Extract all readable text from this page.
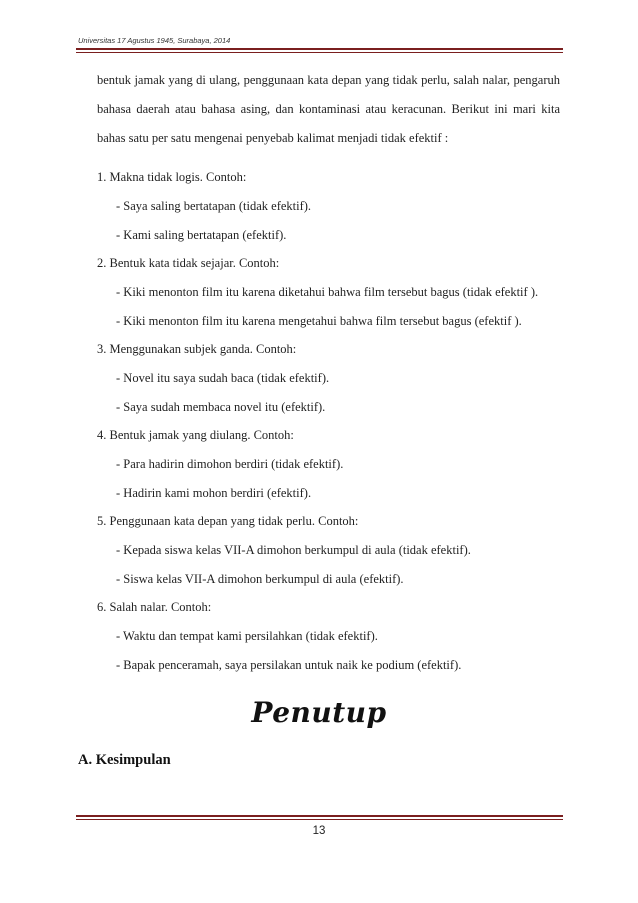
Universitas 17 Agustus 1945, Surabaya, 2014
bentuk jamak yang di ulang, penggunaan kata depan yang tidak perlu, salah nalar, pengaruh
bahasa daerah atau bahasa asing, dan kontaminasi atau keracunan. Berikut ini mari kita
bahas satu per satu mengenai penyebab kalimat menjadi tidak efektif :
1. Makna tidak logis. Contoh:
- Saya saling bertatapan (tidak efektif).
- Kami saling bertatapan (efektif).
2. Bentuk kata tidak sejajar. Contoh:
- Kiki menonton film itu karena diketahui bahwa film tersebut bagus (tidak efektif ).
- Kiki menonton film itu karena mengetahui bahwa film tersebut bagus (efektif ).
3. Menggunakan subjek ganda. Contoh:
- Novel itu saya sudah baca (tidak efektif).
- Saya sudah membaca novel itu (efektif).
4. Bentuk jamak yang diulang. Contoh:
- Para hadirin dimohon berdiri (tidak efektif).
- Hadirin kami mohon berdiri (efektif).
5. Penggunaan kata depan yang tidak perlu. Contoh:
- Kepada siswa kelas VII-A dimohon berkumpul di aula (tidak efektif).
- Siswa kelas VII-A dimohon berkumpul di aula (efektif).
6. Salah nalar. Contoh:
- Waktu dan tempat kami persilahkan (tidak efektif).
- Bapak penceramah, saya persilakan untuk naik ke podium (efektif).
Penutup
A. Kesimpulan
13
